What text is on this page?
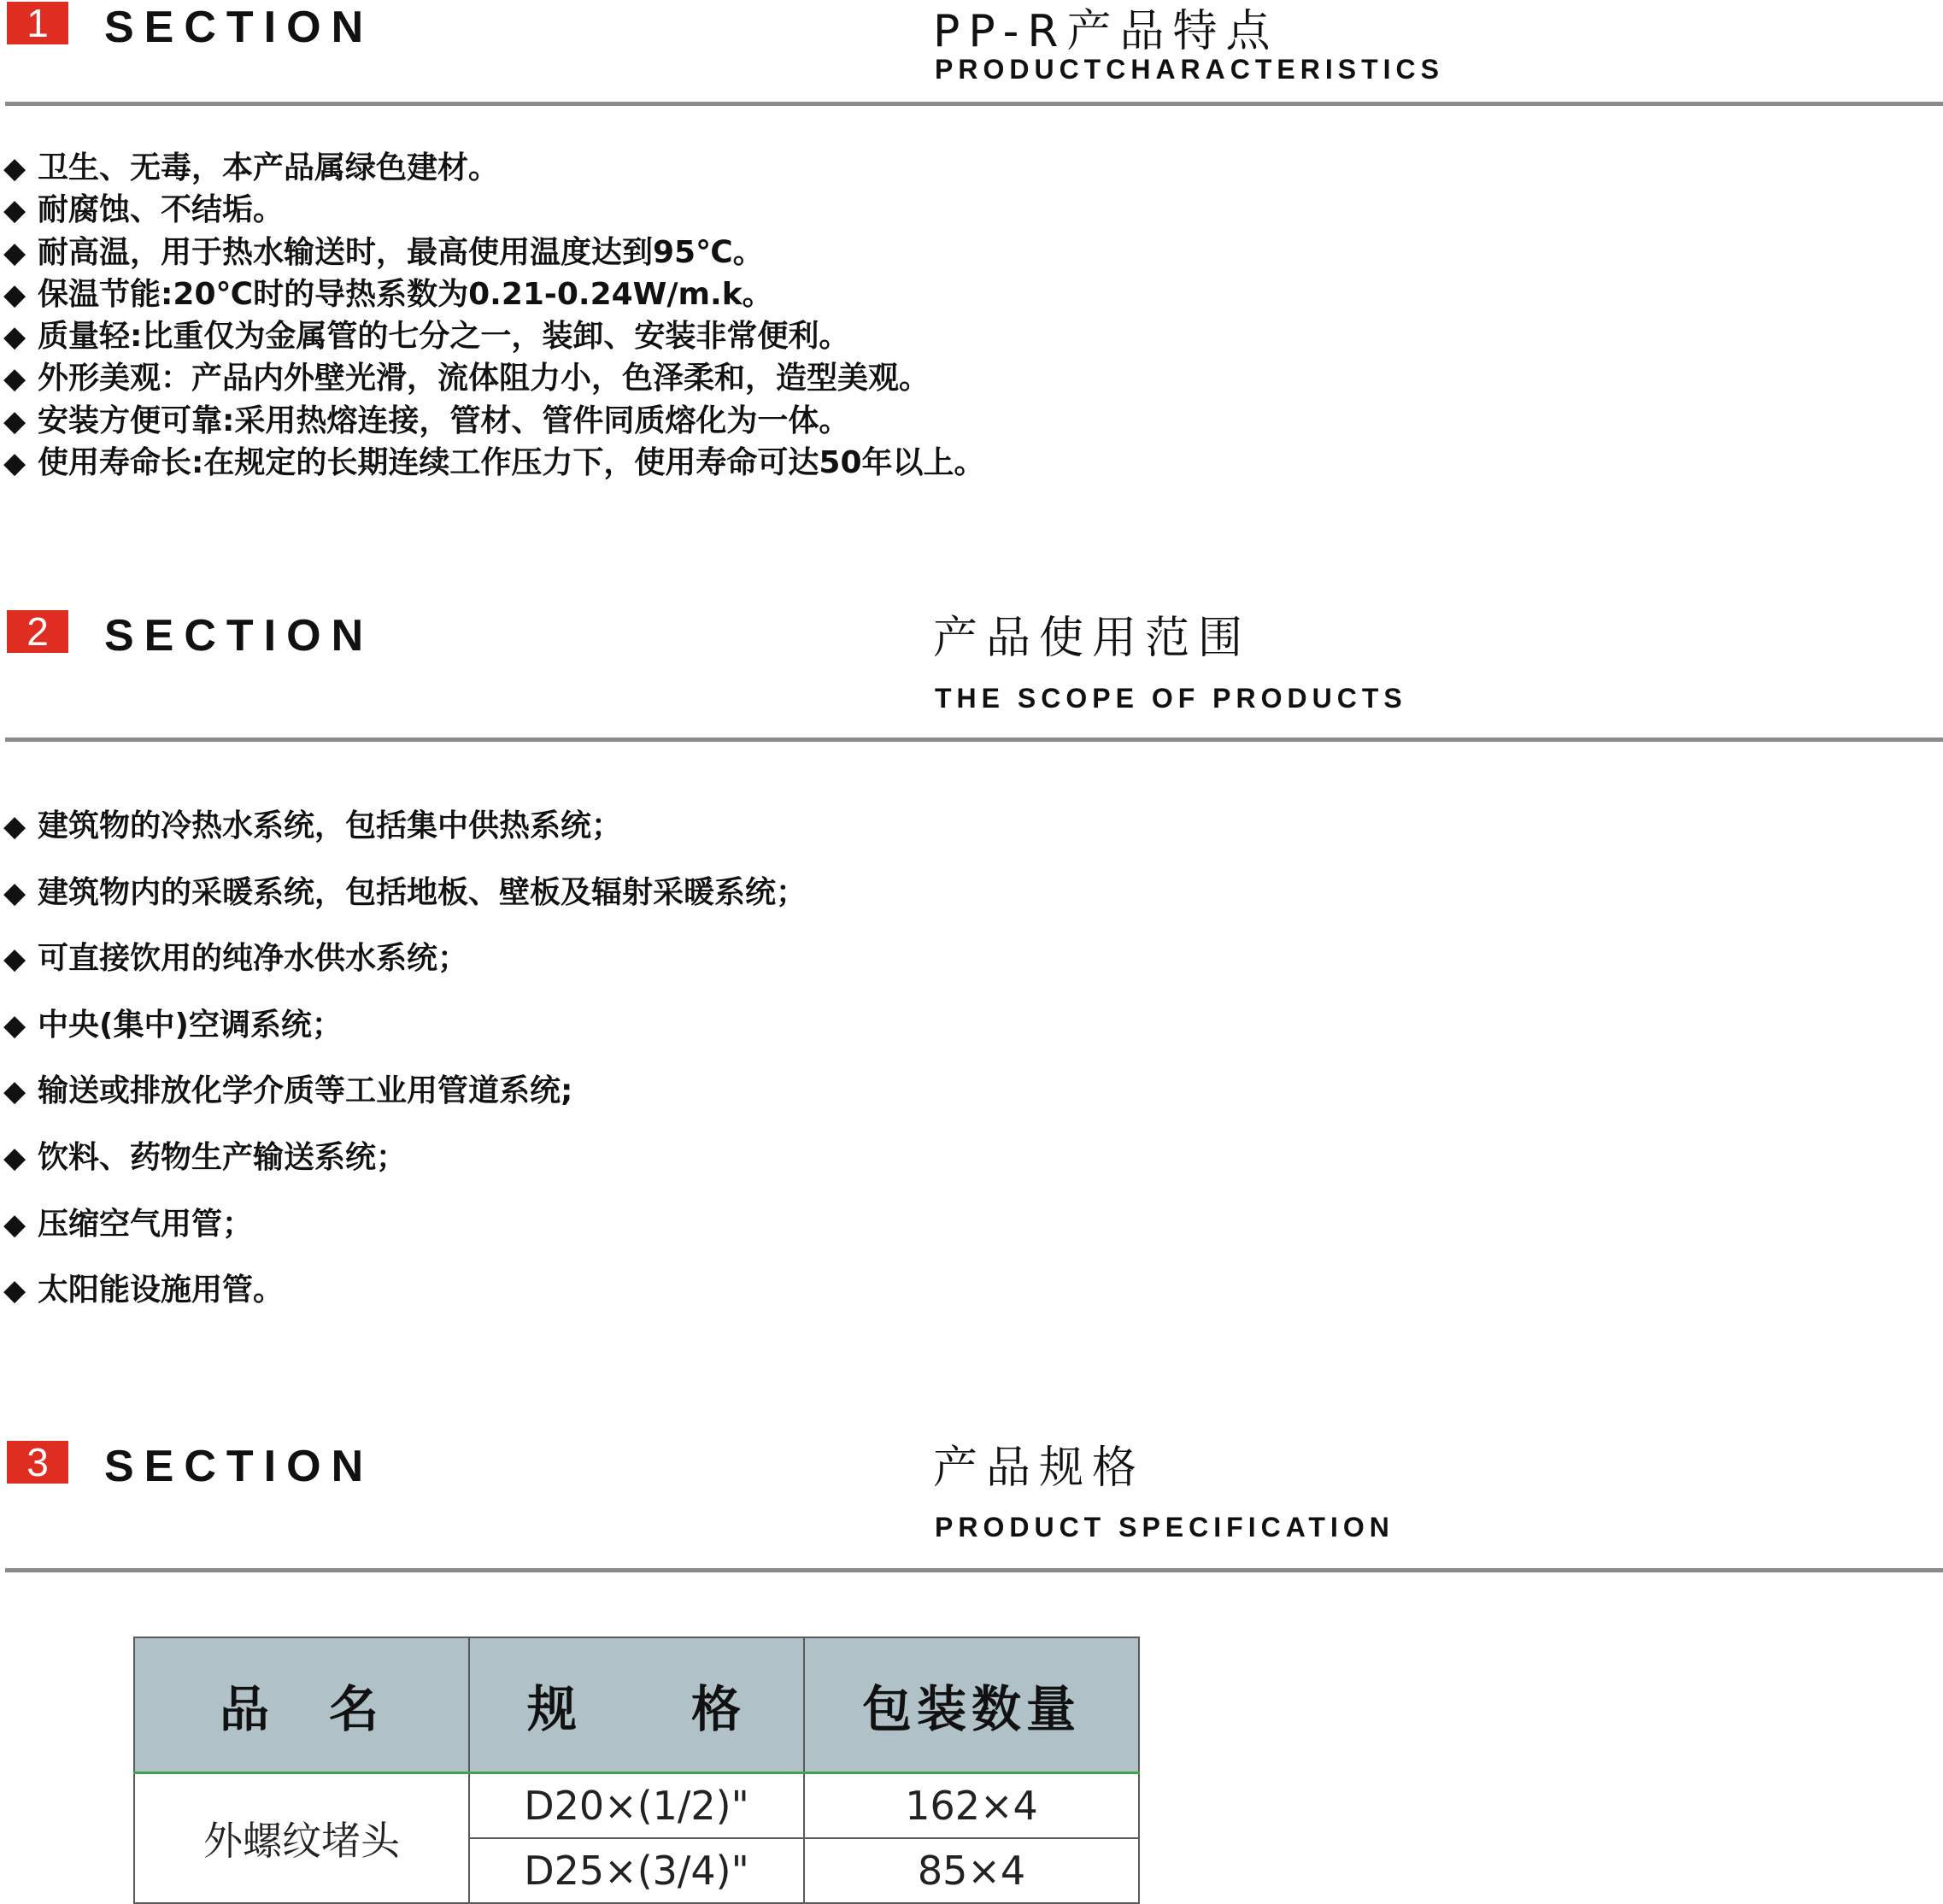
1	SECTION	PP-R产品特点
PRODUCTCHARACTERISTICS
◆ 卫生、无毒，本产品属绿色建材。
◆ 耐腐蚀、不结垢。
◆ 耐高温，用于热水输送时，最高使用温度达到95℃。
◆ 保温节能:20℃时的导热系数为0.21-0.24W/m.k。
◆ 质量轻:比重仅为金属管的七分之一，装卸、安装非常便利。
◆ 外形美观：产品内外壁光滑，流体阻力小，色泽柔和，造型美观。
◆ 安装方便可靠:采用热熔连接，管材、管件同质熔化为一体。
◆ 使用寿命长:在规定的长期连续工作压力下，使用寿命可达50年以上。
2	SECTION	产品使用范围
THE SCOPE OF PRODUCTS
◆ 建筑物的冷热水系统，包括集中供热系统；
◆ 建筑物内的采暖系统，包括地板、壁板及辐射采暖系统；
◆ 可直接饮用的纯净水供水系统；
◆ 中央(集中)空调系统；
◆ 输送或排放化学介质等工业用管道系统;
◆ 饮料、药物生产输送系统；
◆ 压缩空气用管；
◆ 太阳能设施用管。
3	SECTION	产品规格
PRODUCT SPECIFICATION
品　名	规　　格	包装数量
外螺纹堵头	D20×(1/2)"	162×4
	D25×(3/4)"	85×4
